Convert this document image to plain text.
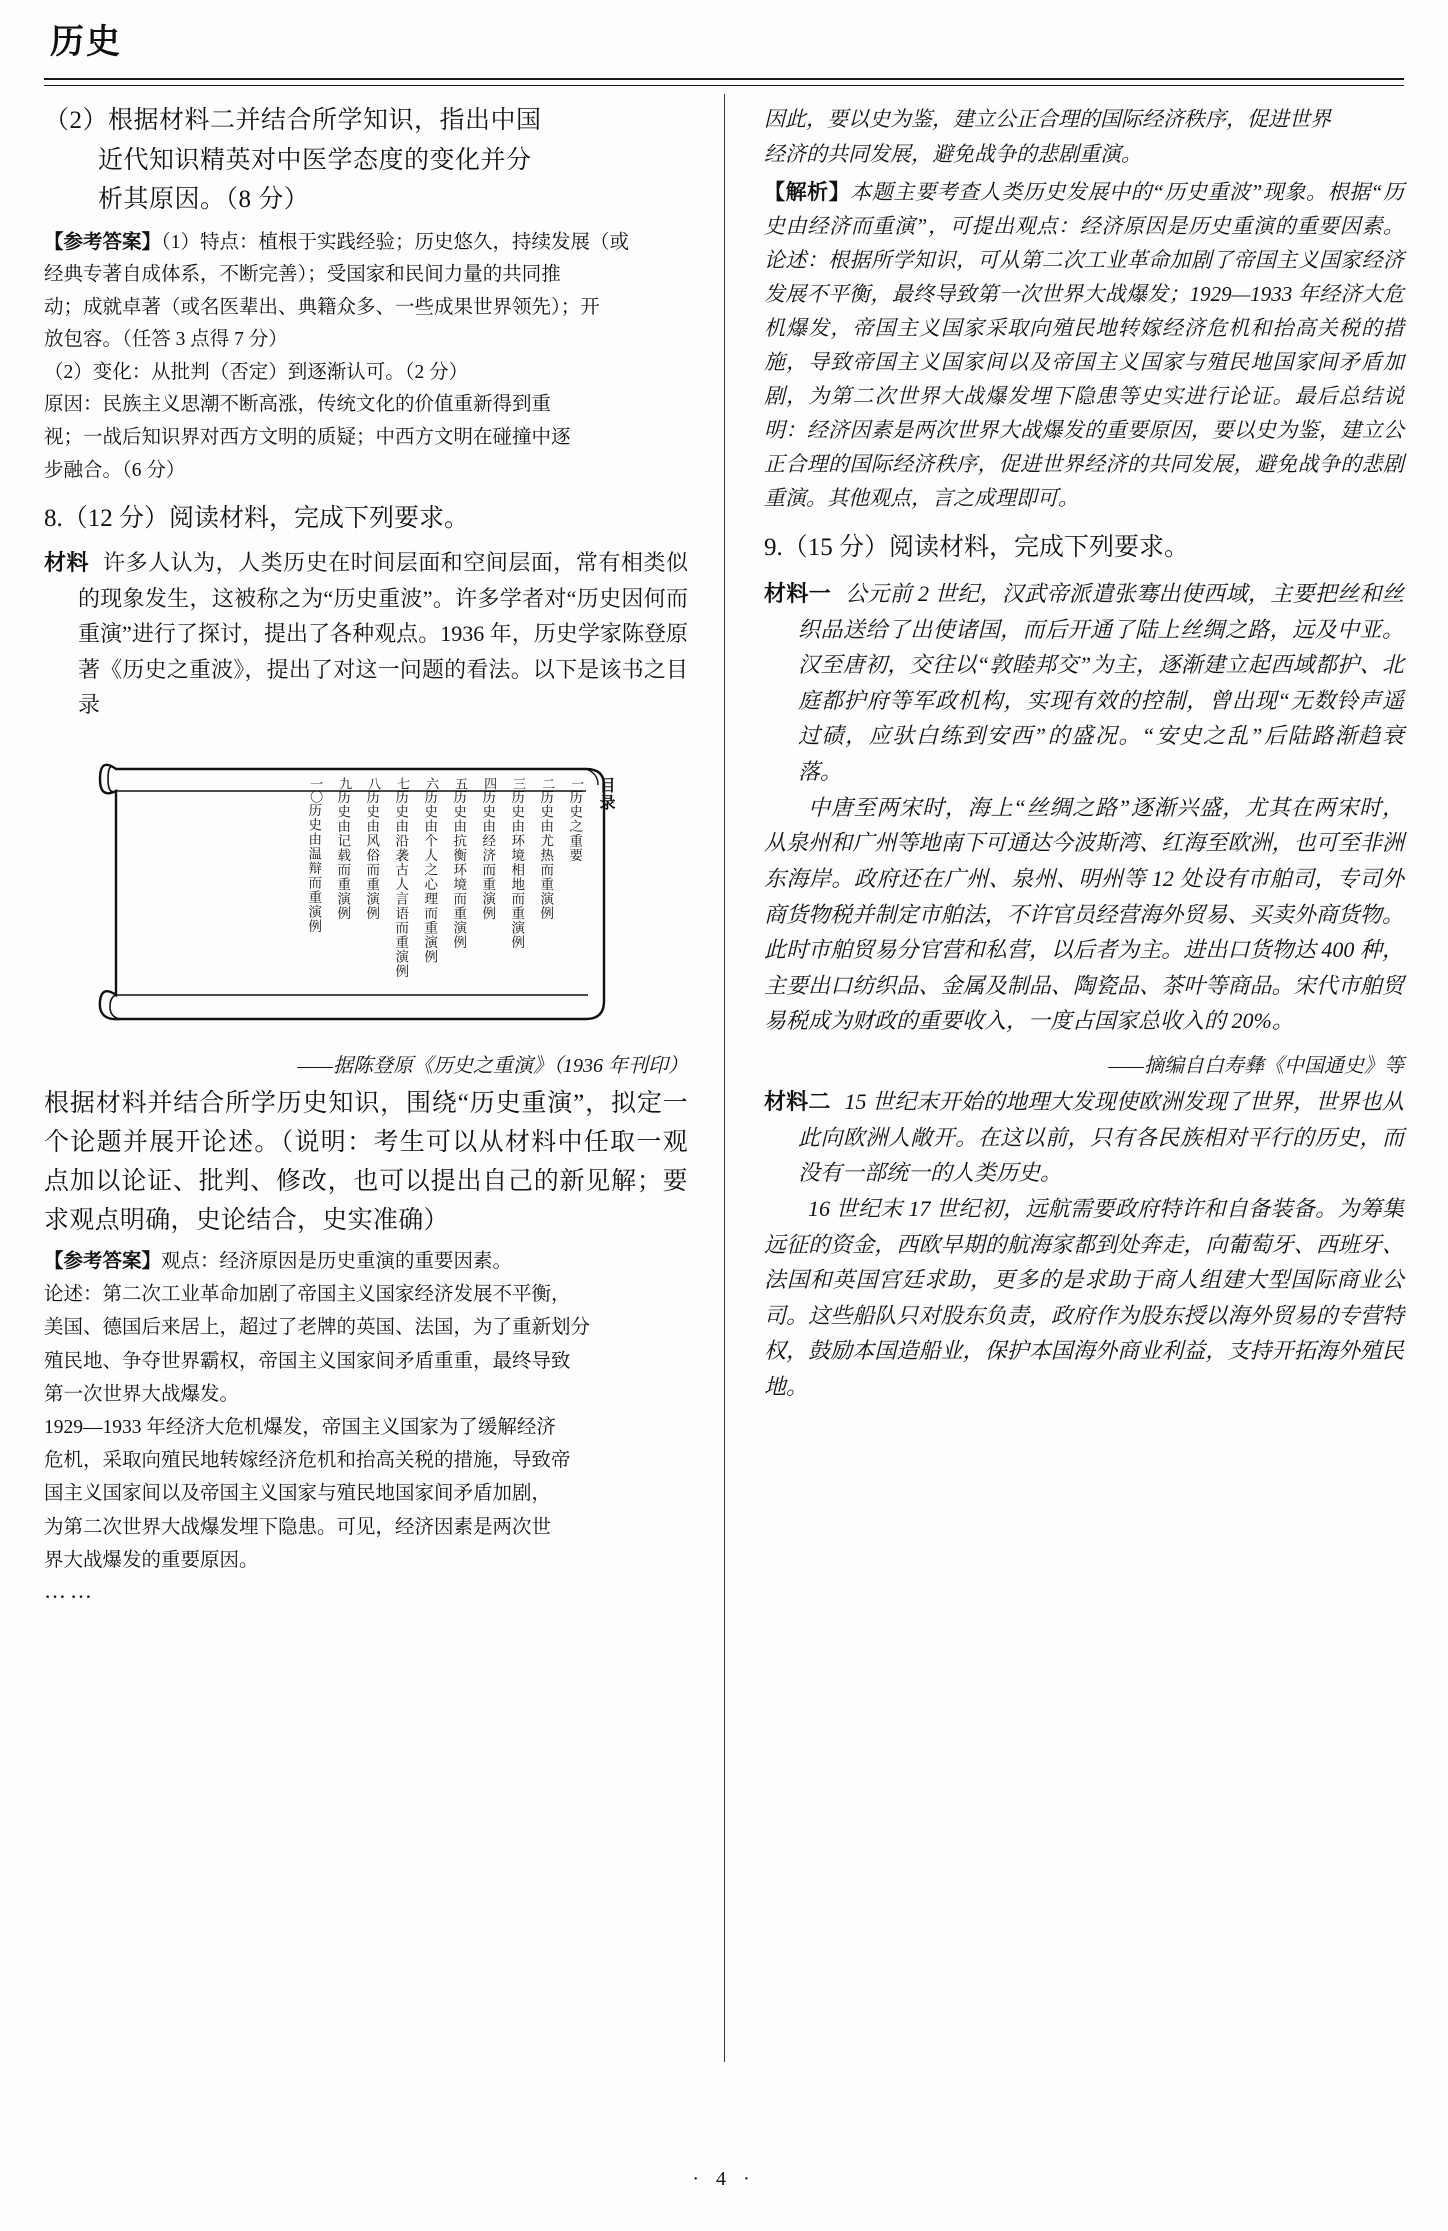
历史

（2）根据材料二并结合所学知识，指出中国

近代知识精英对中医学态度的变化并分

析其原因。（8 分）

【参考答案】（1）特点：植根于实践经验；历史悠久，持续发展（或

经典专著自成体系，不断完善）；受国家和民间力量的共同推

动；成就卓著（或名医辈出、典籍众多、一些成果世界领先）；开

放包容。（任答 3 点得 7 分）

（2）变化：从批判（否定）到逐渐认可。（2 分）

原因：民族主义思潮不断高涨，传统文化的价值重新得到重

视；一战后知识界对西方文明的质疑；中西方文明在碰撞中逐

步融合。（6 分）

8.（12 分）阅读材料，完成下列要求。
材料 许多人认为，人类历史在时间层面和空间层面，常有相类似的现象发生，这被称之为“历史重波”。许多学者对“历史因何而重演”进行了探讨，提出了各种观点。1936 年，历史学家陈登原著《历史之重波》，提出了对这一问题的看法。以下是该书之目录
目录
一
历史之重要
二
历史由尤热而重演例
三
历史由环境相地而重演例
四
历史由经济而重演例
五
历史由抗衡环境而重演例
六
历史由个人之心理而重演例
七
历史由沿袭古人言语而重演例
八
历史由风俗而重演例
九
历史由记载而重演例
一〇
历史由温辩而重演例
——据陈登原《历史之重演》（1936 年刊印）
根据材料并结合所学历史知识，围绕“历史重演”，拟定一个论题并展开论述。（说明：考生可以从材料中任取一观点加以论证、批判、修改，也可以提出自己的新见解；要求观点明确，史论结合，史实准确）

【参考答案】观点：经济原因是历史重演的重要因素。

论述：第二次工业革命加剧了帝国主义国家经济发展不平衡，

美国、德国后来居上，超过了老牌的英国、法国，为了重新划分

殖民地、争夺世界霸权，帝国主义国家间矛盾重重，最终导致

第一次世界大战爆发。

1929—1933 年经济大危机爆发，帝国主义国家为了缓解经济

危机，采取向殖民地转嫁经济危机和抬高关税的措施，导致帝

国主义国家间以及帝国主义国家与殖民地国家间矛盾加剧，

为第二次世界大战爆发埋下隐患。可见，经济因素是两次世

界大战爆发的重要原因。

……

因此，要以史为鉴，建立公正合理的国际经济秩序，促进世界

经济的共同发展，避免战争的悲剧重演。

【解析】本题主要考查人类历史发展中的“历史重波”现象。根据“历史由经济而重演”，可提出观点：经济原因是历史重演的重要因素。论述：根据所学知识，可从第二次工业革命加剧了帝国主义国家经济发展不平衡，最终导致第一次世界大战爆发；1929—1933 年经济大危机爆发，帝国主义国家采取向殖民地转嫁经济危机和抬高关税的措施，导致帝国主义国家间以及帝国主义国家与殖民地国家间矛盾加剧，为第二次世界大战爆发埋下隐患等史实进行论证。最后总结说明：经济因素是两次世界大战爆发的重要原因，要以史为鉴，建立公正合理的国际经济秩序，促进世界经济的共同发展，避免战争的悲剧重演。其他观点，言之成理即可。

9.（15 分）阅读材料，完成下列要求。
材料一 公元前 2 世纪，汉武帝派遣张骞出使西域，主要把丝和丝织品送给了出使诸国，而后开通了陆上丝绸之路，远及中亚。汉至唐初，交往以“敦睦邦交”为主，逐渐建立起西域都护、北庭都护府等军政机构，实现有效的控制，曾出现“无数铃声遥过碛，应驮白练到安西”的盛况。“安史之乱”后陆路渐趋衰落。
中唐至两宋时，海上“丝绸之路”逐渐兴盛，尤其在两宋时，从泉州和广州等地南下可通达今波斯湾、红海至欧洲，也可至非洲东海岸。政府还在广州、泉州、明州等 12 处设有市舶司，专司外商货物税并制定市舶法，不许官员经营海外贸易、买卖外商货物。此时市舶贸易分官营和私营，以后者为主。进出口货物达 400 种，主要出口纺织品、金属及制品、陶瓷品、茶叶等商品。宋代市舶贸易税成为财政的重要收入，一度占国家总收入的 20%。
——摘编自白寿彝《中国通史》等
材料二 15 世纪末开始的地理大发现使欧洲发现了世界，世界也从此向欧洲人敞开。在这以前，只有各民族相对平行的历史，而没有一部统一的人类历史。
16 世纪末 17 世纪初，远航需要政府特许和自备装备。为筹集远征的资金，西欧早期的航海家都到处奔走，向葡萄牙、西班牙、法国和英国宫廷求助，更多的是求助于商人组建大型国际商业公司。这些船队只对股东负责，政府作为股东授以海外贸易的专营特权，鼓励本国造船业，保护本国海外商业利益，支持开拓海外殖民地。
· 4 ·
